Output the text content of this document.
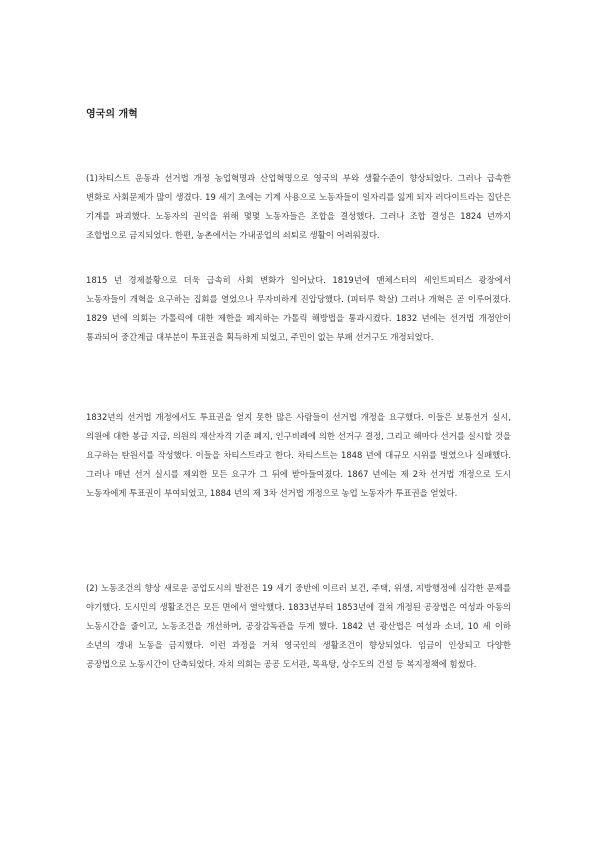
영국의 개혁

(1)차티스트 운동과 선거법 개정 농업혁명과 산업혁명으로 영국의 부와 생활수준이 향상되었다. 그러나 급속한 변화로 사회문제가 많이 생겼다. 19 세기 초에는 기계 사용으로 노동자들이 일자리를 잃게 되자 러다이트라는 집단은 기계를 파괴했다. 노동자의 권익을 위해 몇몇 노동자들은 조합을 결성했다. 그러나 조합 결성은 1824 년까지 조합법으로 금지되었다. 한편, 농촌에서는 가내공업의 쇠퇴로 생활이 어려워졌다.

1815 년 경제불황으로 더욱 급속히 사회 변화가 일어났다. 1819년에 맨체스터의 세인트피터스 광장에서 노동자들이 개혁을 요구하는 집회를 열었으나 무자비하게 진압당했다. (피터루 학살) 그러나 개혁은 곧 이루어졌다. 1829 년에 의회는 가톨릭에 대한 제한을 폐지하는 가톨릭 해방법을 통과시켰다. 1832 년에는 선거법 개정안이 통과되어 중간계급 대부분이 투표권을 획득하게 되었고, 주민이 없는 부패 선거구도 개정되었다.

1832년의 선거법 개정에서도 투표권을 얻지 못한 많은 사람들이 선거법 개정을 요구했다. 이들은 보통선거 실시, 의원에 대한 봉급 지급, 의원의 재산자격 기준 폐지, 인구비례에 의한 선거구 결정, 그리고 해마다 선거를 실시할 것을 요구하는 탄원서를 작성했다. 이들을 차티스트라고 한다. 차티스트는 1848 년에 대규모 시위를 벌였으나 실패했다. 그러나 매년 선거 실시를 제외한 모든 요구가 그 뒤에 받아들여졌다. 1867 년에는 제 2차 선거법 개정으로 도시 노동자에게 투표권이 부여되었고, 1884 년의 제 3차 선거법 개정으로 농업 노동자가 투표권을 얻었다.

(2) 노동조건의 향상 새로운 공업도시의 발전은 19 세기 중반에 이르러 보건, 주택, 위생, 지방행정에 심각한 문제를 야기했다. 도시민의 생활조건은 모든 면에서 열악했다. 1833년부터 1853년에 걸쳐 개정된 공장법은 여성과 아동의 노동시간을 줄이고, 노동조건을 개선하며, 공장감독관을 두게 했다. 1842 년 광산법은 여성과 소녀, 10 세 이하 소년의 갱내 노동을 금지했다. 이런 과정을 거쳐 영국인의 생활조건이 향상되었다. 임금이 인상되고 다양한 공장법으로 노동시간이 단축되었다. 자치 의회는 공공 도서관, 목욕탕, 상수도의 건설 등 복지정책에 힘썼다.
